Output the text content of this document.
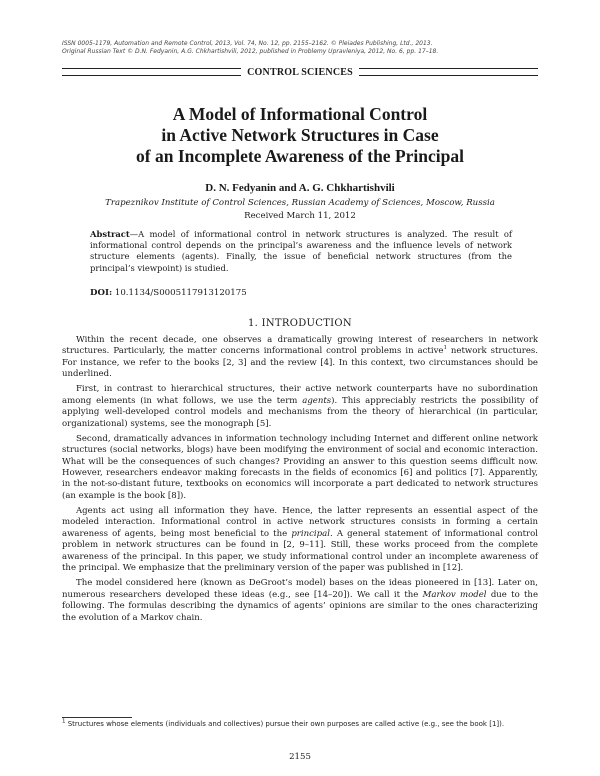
ISSN 0005-1179, Automation and Remote Control, 2013, Vol. 74, No. 12, pp. 2155–2162. © Pleiades Publishing, Ltd., 2013.
Original Russian Text © D.N. Fedyanin, A.G. Chkhartishvili, 2012, published in Problemy Upravleniya, 2012, No. 6, pp. 17–18.
CONTROL SCIENCES
A Model of Informational Control
in Active Network Structures in Case
of an Incomplete Awareness of the Principal
D. N. Fedyanin and A. G. Chkhartishvili
Trapeznikov Institute of Control Sciences, Russian Academy of Sciences, Moscow, Russia
Received March 11, 2012
Abstract—A model of informational control in network structures is analyzed. The result of informational control depends on the principal’s awareness and the influence levels of network structure elements (agents). Finally, the issue of beneficial network structures (from the principal’s viewpoint) is studied.
DOI: 10.1134/S0005117913120175
1. INTRODUCTION

Within the recent decade, one observes a dramatically growing interest of researchers in network structures. Particularly, the matter concerns informational control problems in active$^1$ network structures. For instance, we refer to the books [2, 3] and the review [4]. In this context, two circumstances should be underlined.

First, in contrast to hierarchical structures, their active network counterparts have no subordination among elements (in what follows, we use the term agents). This appreciably restricts the possibility of applying well-developed control models and mechanisms from the theory of hierarchical (in particular, organizational) systems, see the monograph [5].

Second, dramatically advances in information technology including Internet and different online network structures (social networks, blogs) have been modifying the environment of social and economic interaction. What will be the consequences of such changes? Providing an answer to this question seems difficult now. However, researchers endeavor making forecasts in the fields of economics [6] and politics [7]. Apparently, in the not-so-distant future, textbooks on economics will incorporate a part dedicated to network structures (an example is the book [8]).

Agents act using all information they have. Hence, the latter represents an essential aspect of the modeled interaction. Informational control in active network structures consists in forming a certain awareness of agents, being most beneficial to the principal. A general statement of informational control problem in network structures can be found in [2, 9–11]. Still, these works proceed from the complete awareness of the principal. In this paper, we study informational control under an incomplete awareness of the principal. We emphasize that the preliminary version of the paper was published in [12].

The model considered here (known as DeGroot’s model) bases on the ideas pioneered in [13]. Later on, numerous researchers developed these ideas (e.g., see [14–20]). We call it the Markov model due to the following. The formulas describing the dynamics of agents’ opinions are similar to the ones characterizing the evolution of a Markov chain.

$^1$ Structures whose elements (individuals and collectives) pursue their own purposes are called active (e.g., see the book [1]).
2155
